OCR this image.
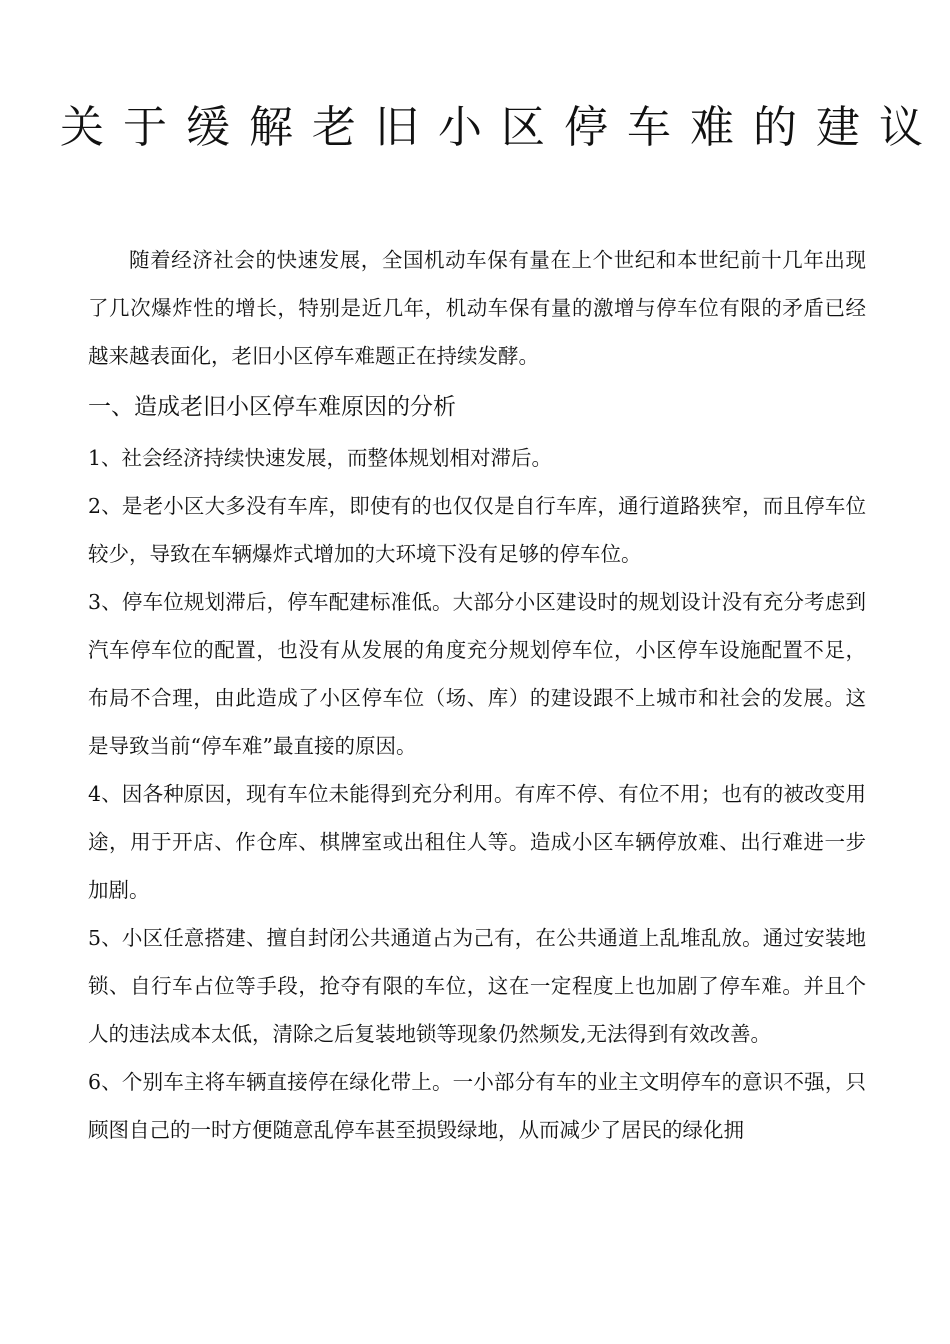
关于缓解老旧小区停车难的建议

随着经济社会的快速发展，全国机动车保有量在上个世纪和本世纪前十几年出现了几次爆炸性的增长，特别是近几年，机动车保有量的激增与停车位有限的矛盾已经越来越表面化，老旧小区停车难题正在持续发酵。

一、造成老旧小区停车难原因的分析

1、社会经济持续快速发展，而整体规划相对滞后。

2、是老小区大多没有车库，即使有的也仅仅是自行车库，通行道路狭窄，而且停车位较少，导致在车辆爆炸式增加的大环境下没有足够的停车位。

3、停车位规划滞后，停车配建标准低。大部分小区建设时的规划设计没有充分考虑到汽车停车位的配置，也没有从发展的角度充分规划停车位，小区停车设施配置不足，布局不合理，由此造成了小区停车位（场、库）的建设跟不上城市和社会的发展。这是导致当前“停车难”最直接的原因。

4、因各种原因，现有车位未能得到充分利用。有库不停、有位不用；也有的被改变用途，用于开店、作仓库、棋牌室或出租住人等。造成小区车辆停放难、出行难进一步加剧。

5、小区任意搭建、擅自封闭公共通道占为己有，在公共通道上乱堆乱放。通过安装地锁、自行车占位等手段，抢夺有限的车位，这在一定程度上也加剧了停车难。并且个人的违法成本太低，清除之后复装地锁等现象仍然频发,无法得到有效改善。

6、个别车主将车辆直接停在绿化带上。一小部分有车的业主文明停车的意识不强，只顾图自己的一时方便随意乱停车甚至损毁绿地，从而减少了居民的绿化拥
